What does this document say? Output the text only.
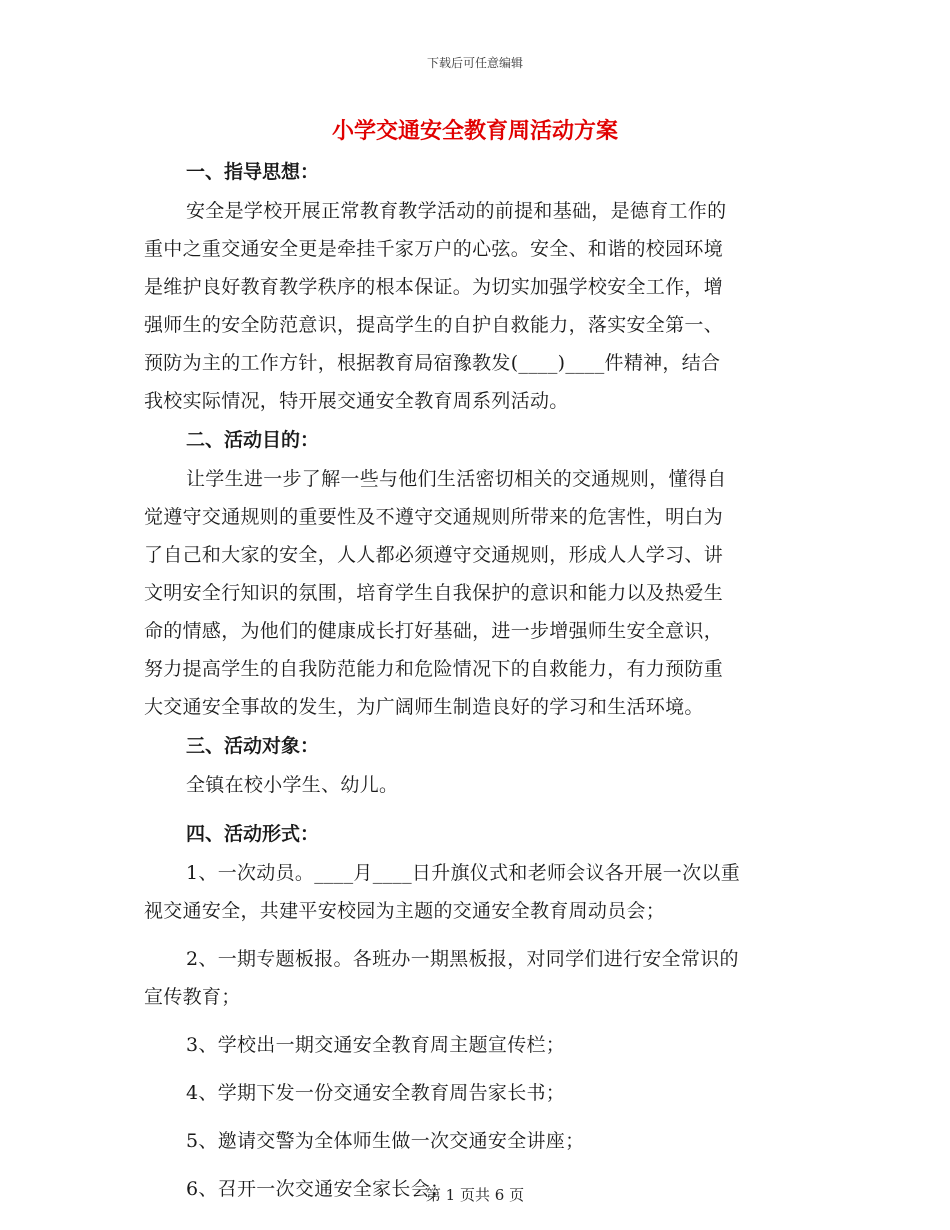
下载后可任意编辑
小学交通安全教育周活动方案
一、指导思想：
安全是学校开展正常教育教学活动的前提和基础，是德育工作的
重中之重交通安全更是牵挂千家万户的心弦。安全、和谐的校园环境
是维护良好教育教学秩序的根本保证。为切实加强学校安全工作，增
强师生的安全防范意识，提高学生的自护自救能力，落实安全第一、
预防为主的工作方针，根据教育局宿豫教发(____)____件精神，结合
我校实际情况，特开展交通安全教育周系列活动。
二、活动目的：
让学生进一步了解一些与他们生活密切相关的交通规则，懂得自
觉遵守交通规则的重要性及不遵守交通规则所带来的危害性，明白为
了自己和大家的安全，人人都必须遵守交通规则，形成人人学习、讲
文明安全行知识的氛围，培育学生自我保护的意识和能力以及热爱生
命的情感，为他们的健康成长打好基础，进一步增强师生安全意识，
努力提高学生的自我防范能力和危险情况下的自救能力，有力预防重
大交通安全事故的发生，为广阔师生制造良好的学习和生活环境。
三、活动对象：
全镇在校小学生、幼儿。
四、活动形式：
1、一次动员。____月____日升旗仪式和老师会议各开展一次以重
视交通安全，共建平安校园为主题的交通安全教育周动员会；
2、一期专题板报。各班办一期黑板报，对同学们进行安全常识的
宣传教育；
3、学校出一期交通安全教育周主题宣传栏；
4、学期下发一份交通安全教育周告家长书；
5、邀请交警为全体师生做一次交通安全讲座；
6、召开一次交通安全家长会；
第 1 页共 6 页
